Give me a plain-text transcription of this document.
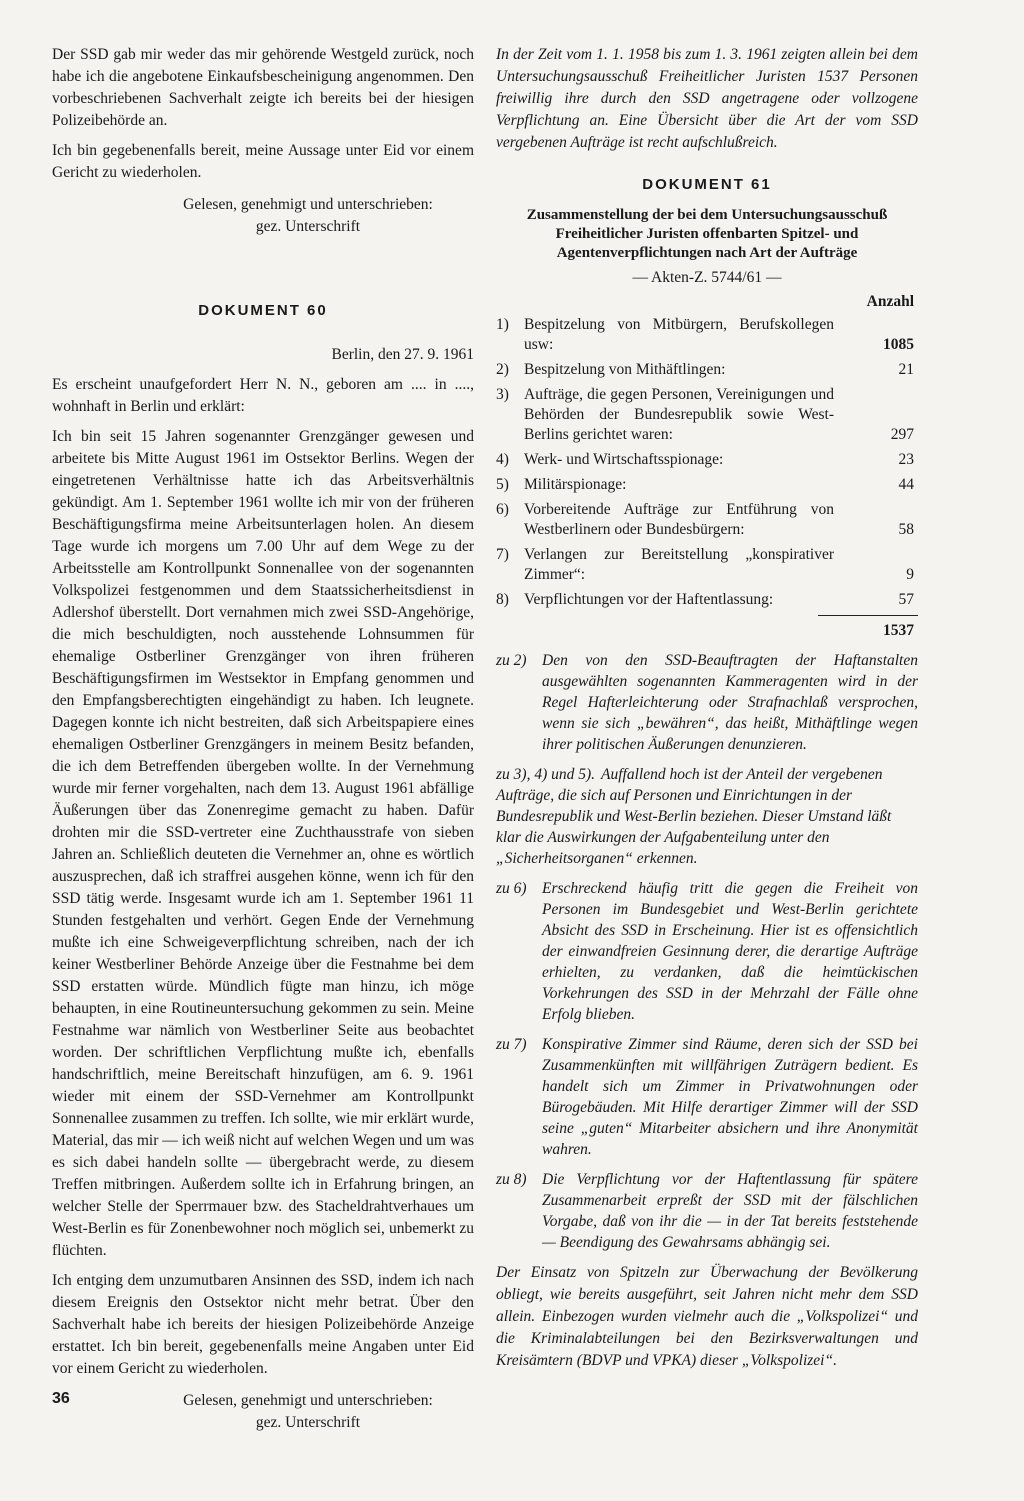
Der SSD gab mir weder das mir gehörende Westgeld zurück, noch habe ich die angebotene Einkaufsbescheinigung angenommen. Den vorbeschriebenen Sachverhalt zeigte ich bereits bei der hiesigen Polizeibehörde an.

Ich bin gegebenenfalls bereit, meine Aussage unter Eid vor einem Gericht zu wiederholen.

Gelesen, genehmigt und unterschrieben:
gez. Unterschrift
DOKUMENT 60

Berlin, den 27. 9. 1961

Es erscheint unaufgefordert Herr N. N., geboren am .... in ...., wohnhaft in Berlin und erklärt:

Ich bin seit 15 Jahren sogenannter Grenzgänger gewesen und arbeitete bis Mitte August 1961 im Ostsektor Berlins. Wegen der eingetretenen Verhältnisse hatte ich das Arbeitsverhältnis gekündigt. Am 1. September 1961 wollte ich mir von der früheren Beschäftigungsfirma meine Arbeitsunterlagen holen. An diesem Tage wurde ich morgens um 7.00 Uhr auf dem Wege zu der Arbeitsstelle am Kontrollpunkt Sonnenallee von der sogenannten Volkspolizei festgenommen und dem Staatssicherheitsdienst in Adlershof überstellt. Dort vernahmen mich zwei SSD-Angehörige, die mich beschuldigten, noch ausstehende Lohnsummen für ehemalige Ostberliner Grenzgänger von ihren früheren Beschäftigungsfirmen im Westsektor in Empfang genommen und den Empfangsberechtigten eingehändigt zu haben. Ich leugnete. Dagegen konnte ich nicht bestreiten, daß sich Arbeitspapiere eines ehemaligen Ostberliner Grenzgängers in meinem Besitz befanden, die ich dem Betreffenden übergeben wollte. In der Vernehmung wurde mir ferner vorgehalten, nach dem 13. August 1961 abfällige Äußerungen über das Zonenregime gemacht zu haben. Dafür drohten mir die SSD-vertreter eine Zuchthausstrafe von sieben Jahren an. Schließlich deuteten die Vernehmer an, ohne es wörtlich auszusprechen, daß ich straffrei ausgehen könne, wenn ich für den SSD tätig werde. Insgesamt wurde ich am 1. September 1961 11 Stunden festgehalten und verhört. Gegen Ende der Vernehmung mußte ich eine Schweigeverpflichtung schreiben, nach der ich keiner Westberliner Behörde Anzeige über die Festnahme bei dem SSD erstatten würde. Mündlich fügte man hinzu, ich möge behaupten, in eine Routineuntersuchung gekommen zu sein. Meine Festnahme war nämlich von Westberliner Seite aus beobachtet worden. Der schriftlichen Verpflichtung mußte ich, ebenfalls handschriftlich, meine Bereitschaft hinzufügen, am 6. 9. 1961 wieder mit einem der SSD-Vernehmer am Kontrollpunkt Sonnenallee zusammen zu treffen. Ich sollte, wie mir erklärt wurde, Material, das mir — ich weiß nicht auf welchen Wegen und um was es sich dabei handeln sollte — übergebracht werde, zu diesem Treffen mitbringen. Außerdem sollte ich in Erfahrung bringen, an welcher Stelle der Sperrmauer bzw. des Stacheldrahtverhaues um West-Berlin es für Zonenbewohner noch möglich sei, unbemerkt zu flüchten.

Ich entging dem unzumutbaren Ansinnen des SSD, indem ich nach diesem Ereignis den Ostsektor nicht mehr betrat. Über den Sachverhalt habe ich bereits der hiesigen Polizeibehörde Anzeige erstattet. Ich bin bereit, gegebenenfalls meine Angaben unter Eid vor einem Gericht zu wiederholen.

Gelesen, genehmigt und unterschrieben:
gez. Unterschrift

In der Zeit vom 1. 1. 1958 bis zum 1. 3. 1961 zeigten allein bei dem Untersuchungsausschuß Freiheitlicher Juristen 1537 Personen freiwillig ihre durch den SSD angetragene oder vollzogene Verpflichtung an. Eine Übersicht über die Art der vom SSD vergebenen Aufträge ist recht aufschlußreich.

DOKUMENT 61
Zusammenstellung der bei dem Untersuchungsausschuß Freiheitlicher Juristen offenbarten Spitzel- und Agentenverpflichtungen nach Art der Aufträge
— Akten-Z. 5744/61 —
Anzahl
1)	Bespitzelung von Mitbürgern, Berufskollegen usw:	1085
2)	Bespitzelung von Mithäftlingen:	21
3)	Aufträge, die gegen Personen, Vereinigungen und Behörden der Bundesrepublik sowie West-Berlins gerichtet waren:	297
4)	Werk- und Wirtschaftsspionage:	23
5)	Militärspionage:	44
6)	Vorbereitende Aufträge zur Entführung von Westberlinern oder Bundesbürgern:	58
7)	Verlangen zur Bereitstellung „konspirativer Zimmer“:	9
8)	Verpflichtungen vor der Haftentlassung:	57
1537
zu 2) Den von den SSD-Beauftragten der Haftanstalten ausgewählten sogenannten Kammeragenten wird in der Regel Hafterleichterung oder Strafnachlaß versprochen, wenn sie sich „bewähren“, das heißt, Mithäftlinge wegen ihrer politischen Äußerungen denunzieren.
zu 3), 4) und 5). Auffallend hoch ist der Anteil der vergebenen Aufträge, die sich auf Personen und Einrichtungen in der Bundesrepublik und West-Berlin beziehen. Dieser Umstand läßt klar die Auswirkungen der Aufgabenteilung unter den „Sicherheitsorganen“ erkennen.
zu 6) Erschreckend häufig tritt die gegen die Freiheit von Personen im Bundesgebiet und West-Berlin gerichtete Absicht des SSD in Erscheinung. Hier ist es offensichtlich der einwandfreien Gesinnung derer, die derartige Aufträge erhielten, zu verdanken, daß die heimtückischen Vorkehrungen des SSD in der Mehrzahl der Fälle ohne Erfolg blieben.
zu 7) Konspirative Zimmer sind Räume, deren sich der SSD bei Zusammenkünften mit willfährigen Zuträgern bedient. Es handelt sich um Zimmer in Privatwohnungen oder Bürogebäuden. Mit Hilfe derartiger Zimmer will der SSD seine „guten“ Mitarbeiter absichern und ihre Anonymität wahren.
zu 8) Die Verpflichtung vor der Haftentlassung für spätere Zusammenarbeit erpreßt der SSD mit der fälschlichen Vorgabe, daß von ihr die — in der Tat bereits feststehende — Beendigung des Gewahrsams abhängig sei.

Der Einsatz von Spitzeln zur Überwachung der Bevölkerung obliegt, wie bereits ausgeführt, seit Jahren nicht mehr dem SSD allein. Einbezogen wurden vielmehr auch die „Volkspolizei“ und die Kriminalabteilungen bei den Bezirksverwaltungen und Kreisämtern (BDVP und VPKA) dieser „Volkspolizei“.

36
